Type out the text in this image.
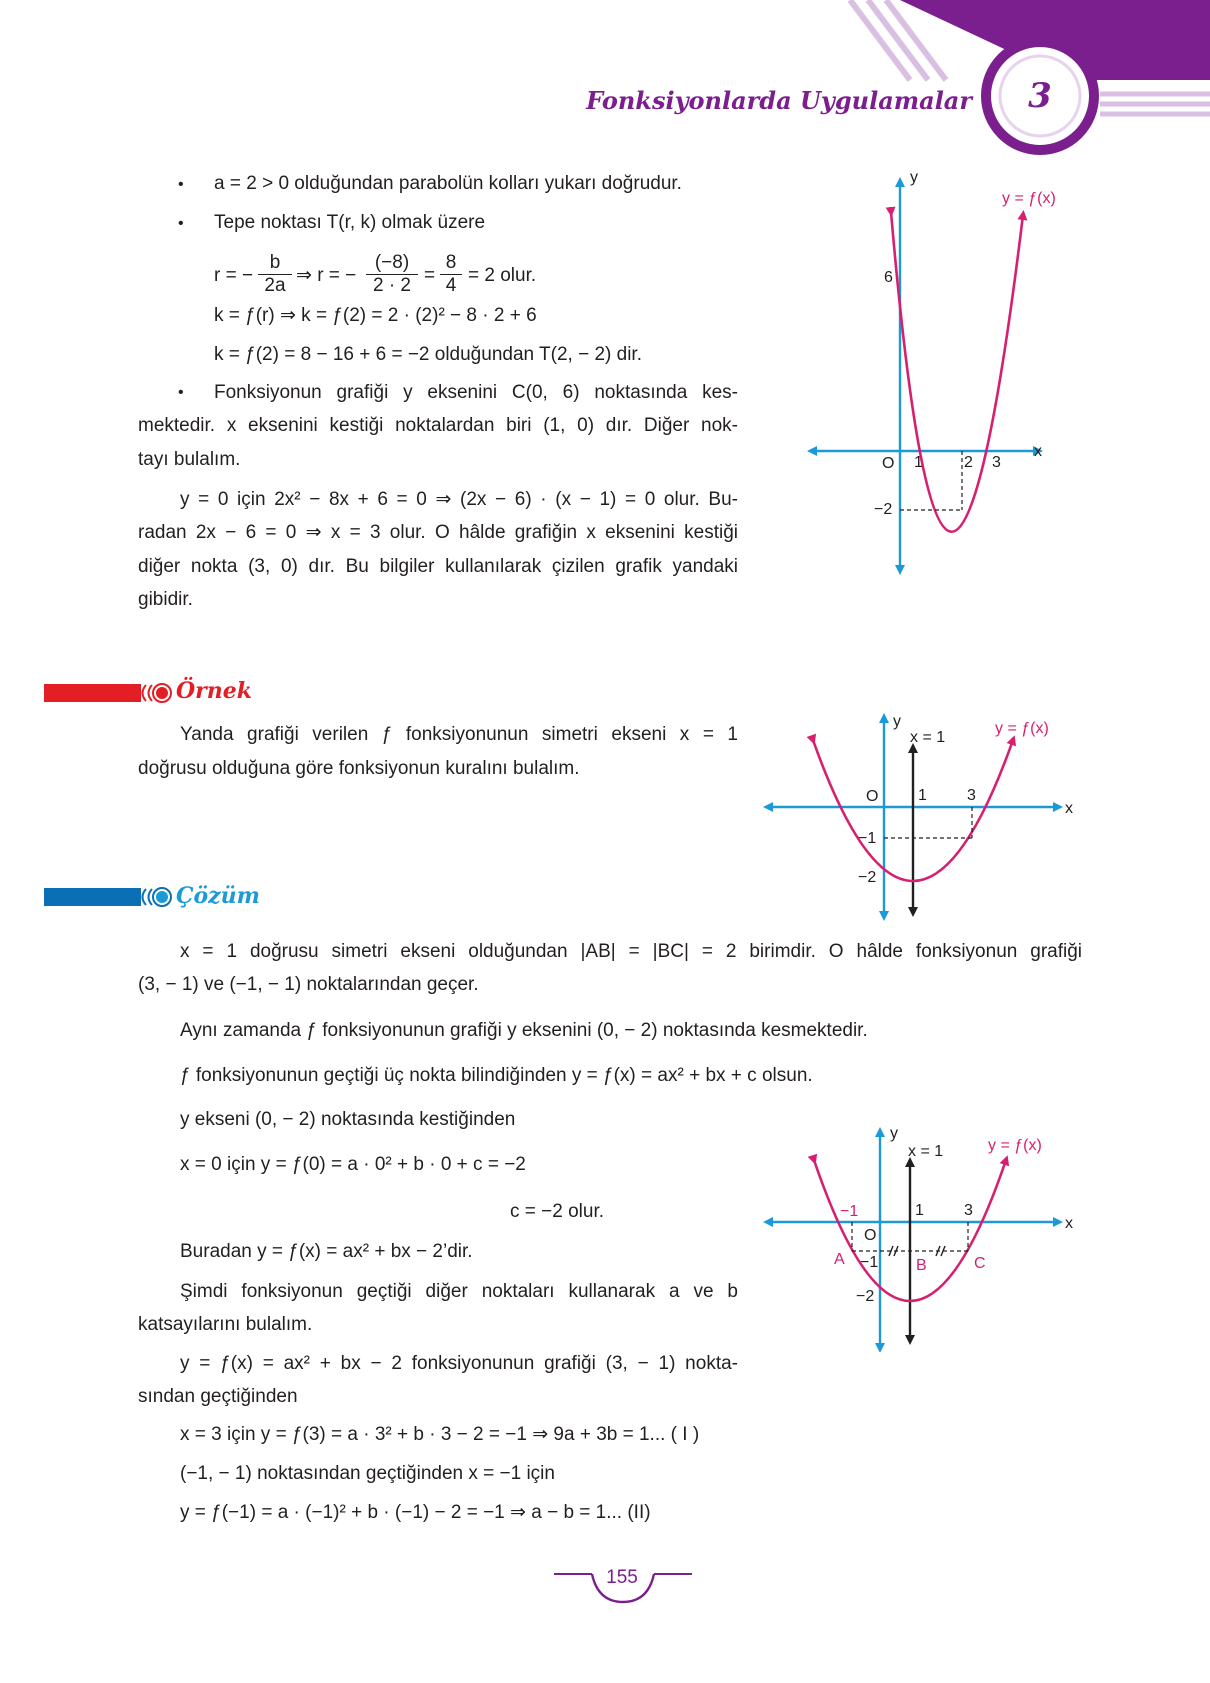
Fonksiyonlarda Uygulamalar	3
• a = 2 > 0 olduğundan parabolün kolları yukarı doğrudur.
• Tepe noktası T(r, k) olmak üzere
r = − $\frac{b}{2a}$ ⇒ r = − $\frac{(-8)}{2 \cdot 2} = \frac{8}{4} = 2$ olur.
k = ƒ(r) ⇒ k = ƒ(2) = 2 · (2)² − 8 · 2 + 6
k = ƒ(2) = 8 − 16 + 6 = −2 olduğundan T(2, − 2) dir.
• Fonksiyonun grafiği y eksenini C(0, 6) noktasında kes-
mektedir. x eksenini kestiği noktalardan biri (1, 0) dır. Diğer nok-
tayı bulalım.
y = 0 için 2x² − 8x + 6 = 0 ⇒ (2x − 6) · (x − 1) = 0 olur. Bu-
radan 2x − 6 = 0 ⇒ x = 3 olur. O hâlde grafiğin x eksenini kestiği
diğer nokta (3, 0) dır. Bu bilgiler kullanılarak çizilen grafik yandaki
gibidir.
y
x
y = ƒ(x)
O 1	2 3
6
−2
Örnek
Yanda grafiği verilen ƒ fonksiyonunun simetri ekseni x = 1
doğrusu olduğuna göre fonksiyonun kuralını bulalım.
y
x
x = 1
y = ƒ(x)
O 1	3
−1
−2
Çözüm
x = 1 doğrusu simetri ekseni olduğundan |AB| = |BC| = 2 birimdir. O hâlde fonksiyonun grafiği
(3, − 1) ve (−1, − 1) noktalarından geçer.
Aynı zamanda ƒ fonksiyonunun grafiği y eksenini (0, − 2) noktasında kesmektedir.
ƒ fonksiyonunun geçtiği üç nokta bilindiğinden y = ƒ(x) = ax² + bx + c olsun.
y ekseni (0, − 2) noktasında kestiğinden
x = 0 için y = ƒ(0) = a · 0² + b · 0 + c = −2
c = −2 olur.
Buradan y = ƒ(x) = ax² + bx − 2’dir.
Şimdi fonksiyonun geçtiği diğer noktaları kullanarak a ve b
katsayılarını bulalım.
y = ƒ(x) = ax² + bx − 2 fonksiyonunun grafiği (3, − 1) nokta-
sından geçtiğinden
x = 3 için y = ƒ(3) = a · 3² + b · 3 − 2 = −1 ⇒ 9a + 3b = 1... ( I )
(−1, − 1) noktasından geçtiğinden x = −1 için
y = ƒ(−1) = a · (−1)² + b · (−1) − 2 = −1 ⇒ a − b = 1... (II)
y
x
x = 1	y = ƒ(x)
O
−1	1	3
−1
−2
A	B	C
155
